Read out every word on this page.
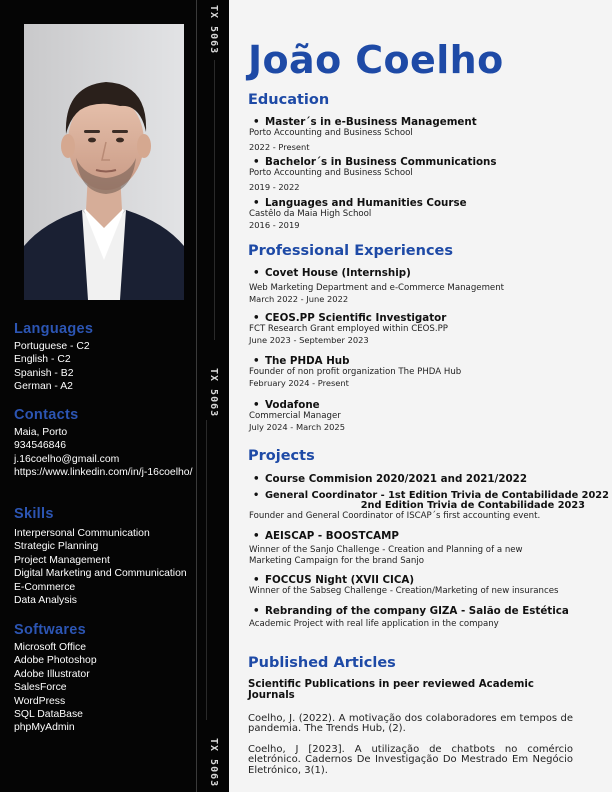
TX 5063
TX 5063
TX 5063
Languages
Portuguese - C2
English - C2
Spanish - B2
German - A2
Contacts
Maia, Porto
934546846
j.16coelho@gmail.com
https://www.linkedin.com/in/j-16coelho/
Skills
Interpersonal Communication
Strategic Planning
Project Management
Digital Marketing and Communication
E-Commerce
Data Analysis
Softwares
Microsoft Office
Adobe Photoshop
Adobe Illustrator
SalesForce
WordPress
SQL DataBase
phpMyAdmin
João Coelho
Education
• Master´s in e-Business Management
Porto Accounting and Business School
2022 - Present
• Bachelor´s in Business Communications
Porto Accounting and Business School
2019 - 2022
• Languages and Humanities Course
Castêlo da Maia High School
2016 - 2019
Professional Experiences
• Covet House (Internship)
Web Marketing Department and e-Commerce Management
March 2022 - June 2022
• CEOS.PP Scientific Investigator
FCT Research Grant employed within CEOS.PP
June 2023 - September 2023
• The PHDA Hub
Founder of non profit organization The PHDA Hub
February 2024 - Present
• Vodafone
Commercial Manager
July 2024 - March 2025
Projects
• Course Commision 2020/2021 and 2021/2022
• General Coordinator - 1st Edition Trivia de Contabilidade 2022
2nd Edition Trivia de Contabilidade 2023
Founder and General Coordinator of ISCAP´s first accounting event.
• AEISCAP - BOOSTCAMP
Winner of the Sanjo Challenge - Creation and Planning of a new
Marketing Campaign for the brand Sanjo
• FOCCUS Night (XVII CICA)
Winner of the Sabseg Challenge - Creation/Marketing of new insurances
• Rebranding of the company GIZA - Salão de Estética
Academic Project with real life application in the company
Published Articles
Scientific Publications in peer reviewed Academic Journals
Coelho, J. (2022). A motivação dos colaboradores em tempos de pandemia. The Trends Hub, (2).
Coelho, J [2023]. A utilização de chatbots no comércio eletrónico. Cadernos De Investigação Do Mestrado Em Negócio Eletrónico, 3(1).
